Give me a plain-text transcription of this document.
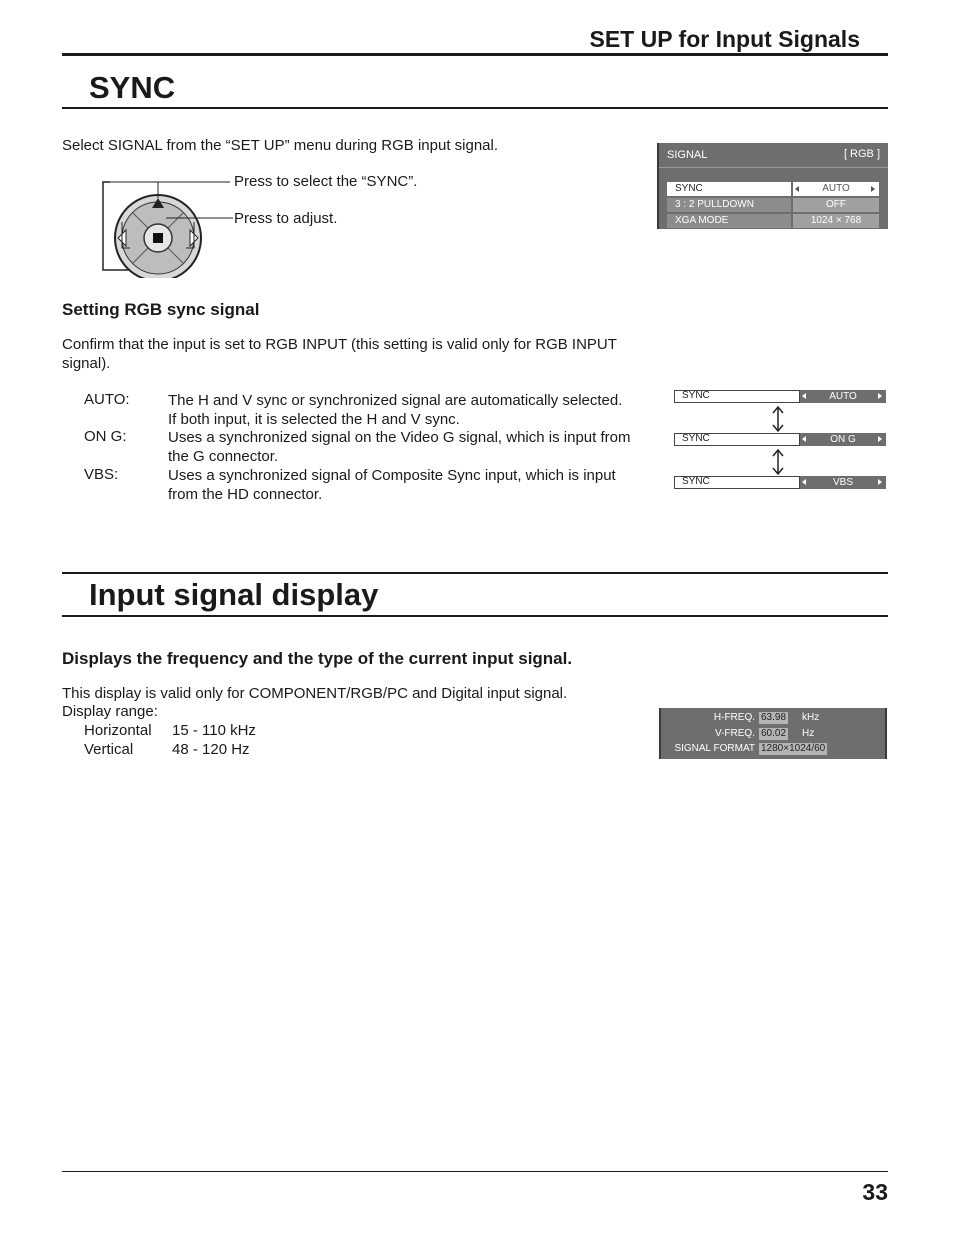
SET UP for Input Signals
SYNC
Select SIGNAL from the “SET UP” menu during RGB input signal.
Press to select the “SYNC”.
Press to adjust.
SIGNAL	[ RGB ]
SYNC	AUTO
3 : 2 PULLDOWN	OFF
XGA MODE	1024 × 768
Setting RGB sync signal
Confirm that the input is set to RGB INPUT (this setting is valid only for RGB INPUT
signal).
AUTO:	The H and V sync or synchronized signal are automatically selected.
If both input, it is selected the H and V sync.
ON G:	Uses a synchronized signal on the Video G signal, which is input from
the G connector.
VBS:	Uses a synchronized signal of Composite Sync input, which is input
from the HD connector.
SYNC	AUTO
SYNC	ON G
SYNC	VBS
Input signal display
Displays the frequency and the type of the current input signal.
This display is valid only for COMPONENT/RGB/PC and Digital input signal.
Display range:
Horizontal 15 - 110 kHz
Vertical	48 - 120 Hz
H-FREQ. 63.98 kHz
V-FREQ. 60.02 Hz
SIGNAL FORMAT 1280×1024/60
33
